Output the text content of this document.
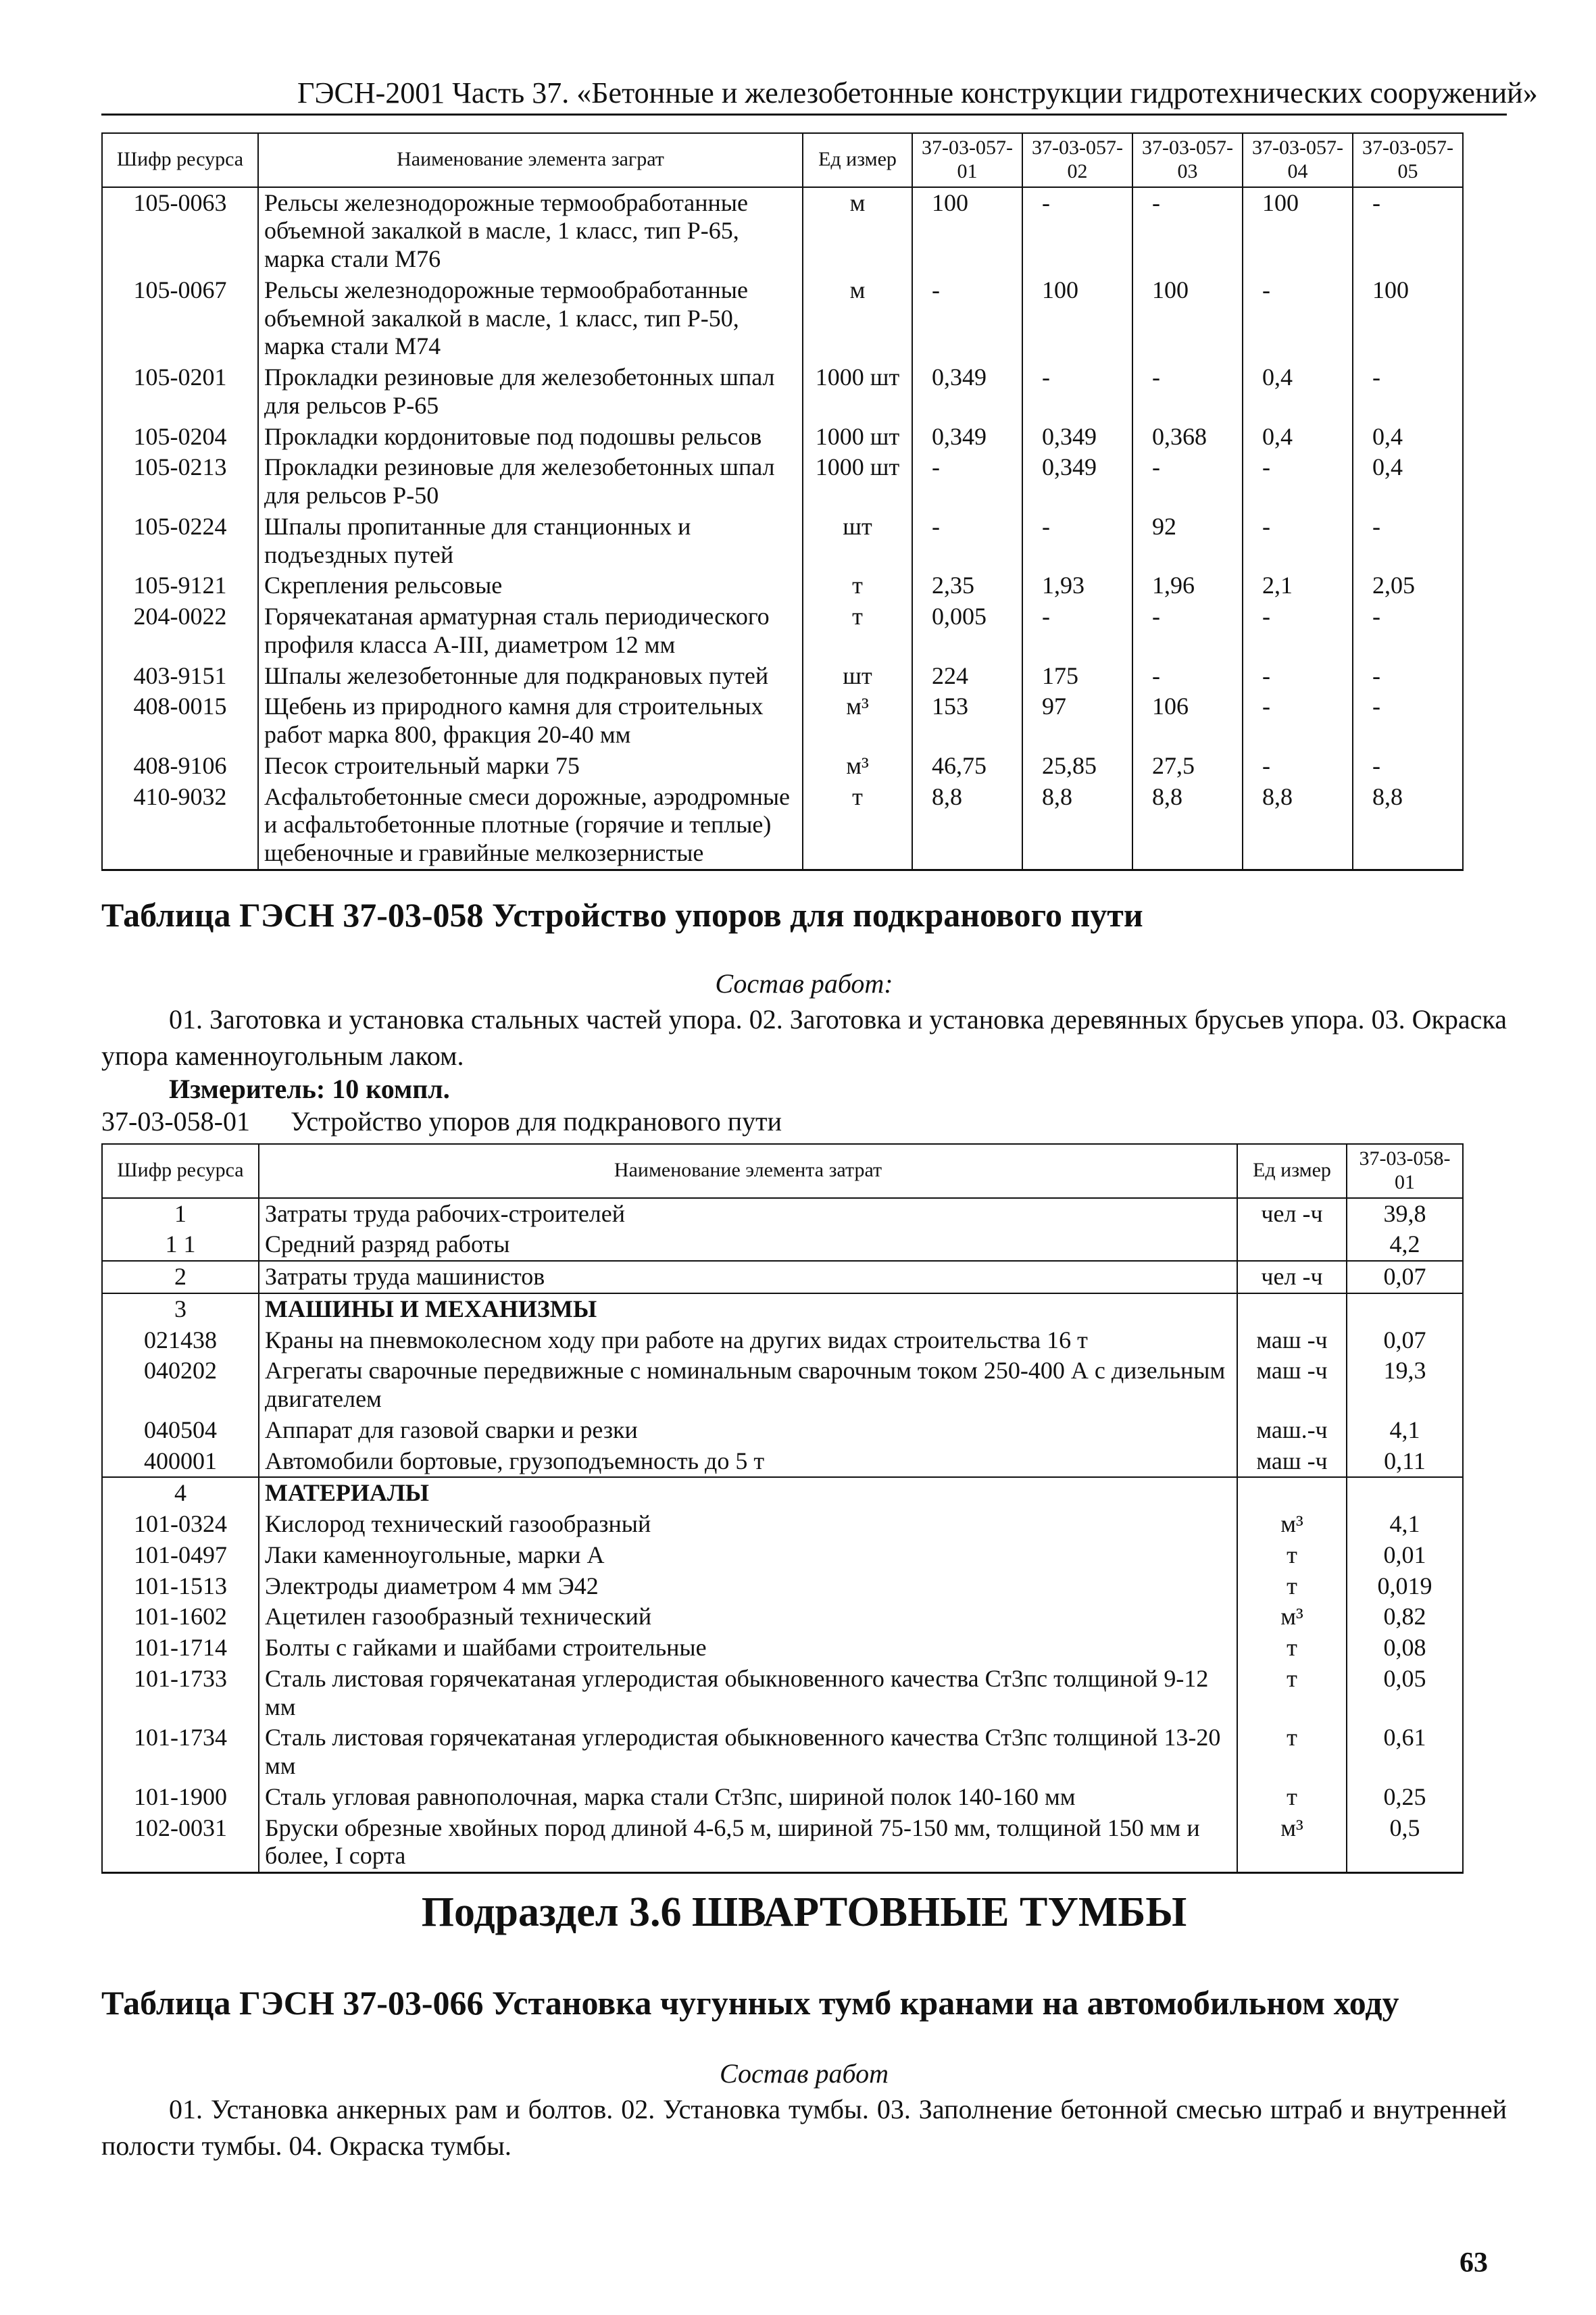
ГЭСН-2001 Часть 37. «Бетонные и железобетонные конструкции гидротехнических сооружений»
Шифр ресурса	Наименование элемента заграт	Ед измер	37-03-057-01	37-03-057-02	37-03-057-03	37-03-057-04	37-03-057-05
105-0063	Рельсы железнодорожные термообработанные объемной закалкой в масле, 1 класс, тип Р-65, марка стали М76	м	100	-	-	100	-
105-0067	Рельсы железнодорожные термообработанные объемной закалкой в масле, 1 класс, тип Р-50, марка стали М74	м	-	100	100	-	100
105-0201	Прокладки резиновые для железобетонных шпал для рельсов Р-65	1000 шт	0,349	-	-	0,4	-
105-0204	Прокладки кордонитовые под подошвы рельсов	1000 шт	0,349	0,349	0,368	0,4	0,4
105-0213	Прокладки резиновые для железобетонных шпал для рельсов Р-50	1000 шт	-	0,349	-	-	0,4
105-0224	Шпалы пропитанные для станционных и подъездных путей	шт	-	-	92	-	-
105-9121	Скрепления рельсовые	т	2,35	1,93	1,96	2,1	2,05
204-0022	Горячекатаная арматурная сталь периодического профиля класса А-III, диаметром 12 мм	т	0,005	-	-	-	-
403-9151	Шпалы железобетонные для подкрановых путей	шт	224	175	-	-	-
408-0015	Щебень из природного камня для строительных работ марка 800, фракция 20-40 мм	м³	153	97	106	-	-
408-9106	Песок строительный марки 75	м³	46,75	25,85	27,5	-	-
410-9032	Асфальтобетонные смеси дорожные, аэродромные и асфальтобетонные плотные (горячие и теплые) щебеночные и гравийные мелкозернистые	т	8,8	8,8	8,8	8,8	8,8
Таблица ГЭСН 37-03-058 Устройство упоров для подкранового пути
Состав работ:
01. Заготовка и установка стальных частей упора. 02. Заготовка и установка деревянных брусьев упора. 03. Окраска упора каменноугольным лаком.
Измеритель: 10 компл.
37-03-058-01 Устройство упоров для подкранового пути
Шифр ресурса	Наименование элемента затрат	Ед измер	37-03-058-01
1	Затраты труда рабочих-строителей	чел -ч	39,8
1 1	Средний разряд работы		4,2
2	Затраты труда машинистов	чел -ч	0,07
3	МАШИНЫ И МЕХАНИЗМЫ		
021438	Краны на пневмоколесном ходу при работе на других видах строительства 16 т	маш -ч	0,07
040202	Агрегаты сварочные передвижные с номинальным сварочным током 250-400 А с дизельным двигателем	маш -ч	19,3
040504	Аппарат для газовой сварки и резки	маш.-ч	4,1
400001	Автомобили бортовые, грузоподъемность до 5 т	маш -ч	0,11
4	МАТЕРИАЛЫ		
101-0324	Кислород технический газообразный	м³	4,1
101-0497	Лаки каменноугольные, марки А	т	0,01
101-1513	Электроды диаметром 4 мм Э42	т	0,019
101-1602	Ацетилен газообразный технический	м³	0,82
101-1714	Болты с гайками и шайбами строительные	т	0,08
101-1733	Сталь листовая горячекатаная углеродистая обыкновенного качества Ст3пс толщиной 9-12 мм	т	0,05
101-1734	Сталь листовая горячекатаная углеродистая обыкновенного качества Ст3пс толщиной 13-20 мм	т	0,61
101-1900	Сталь угловая равнополочная, марка стали Ст3пс, шириной полок 140-160 мм	т	0,25
102-0031	Бруски обрезные хвойных пород длиной 4-6,5 м, шириной 75-150 мм, толщиной 150 мм и более, I сорта	м³	0,5
Подраздел 3.6 ШВАРТОВНЫЕ ТУМБЫ
Таблица ГЭСН 37-03-066 Установка чугунных тумб кранами на автомобильном ходу
Состав работ
01. Установка анкерных рам и болтов. 02. Установка тумбы. 03. Заполнение бетонной смесью штраб и внутренней полости тумбы. 04. Окраска тумбы.
63
